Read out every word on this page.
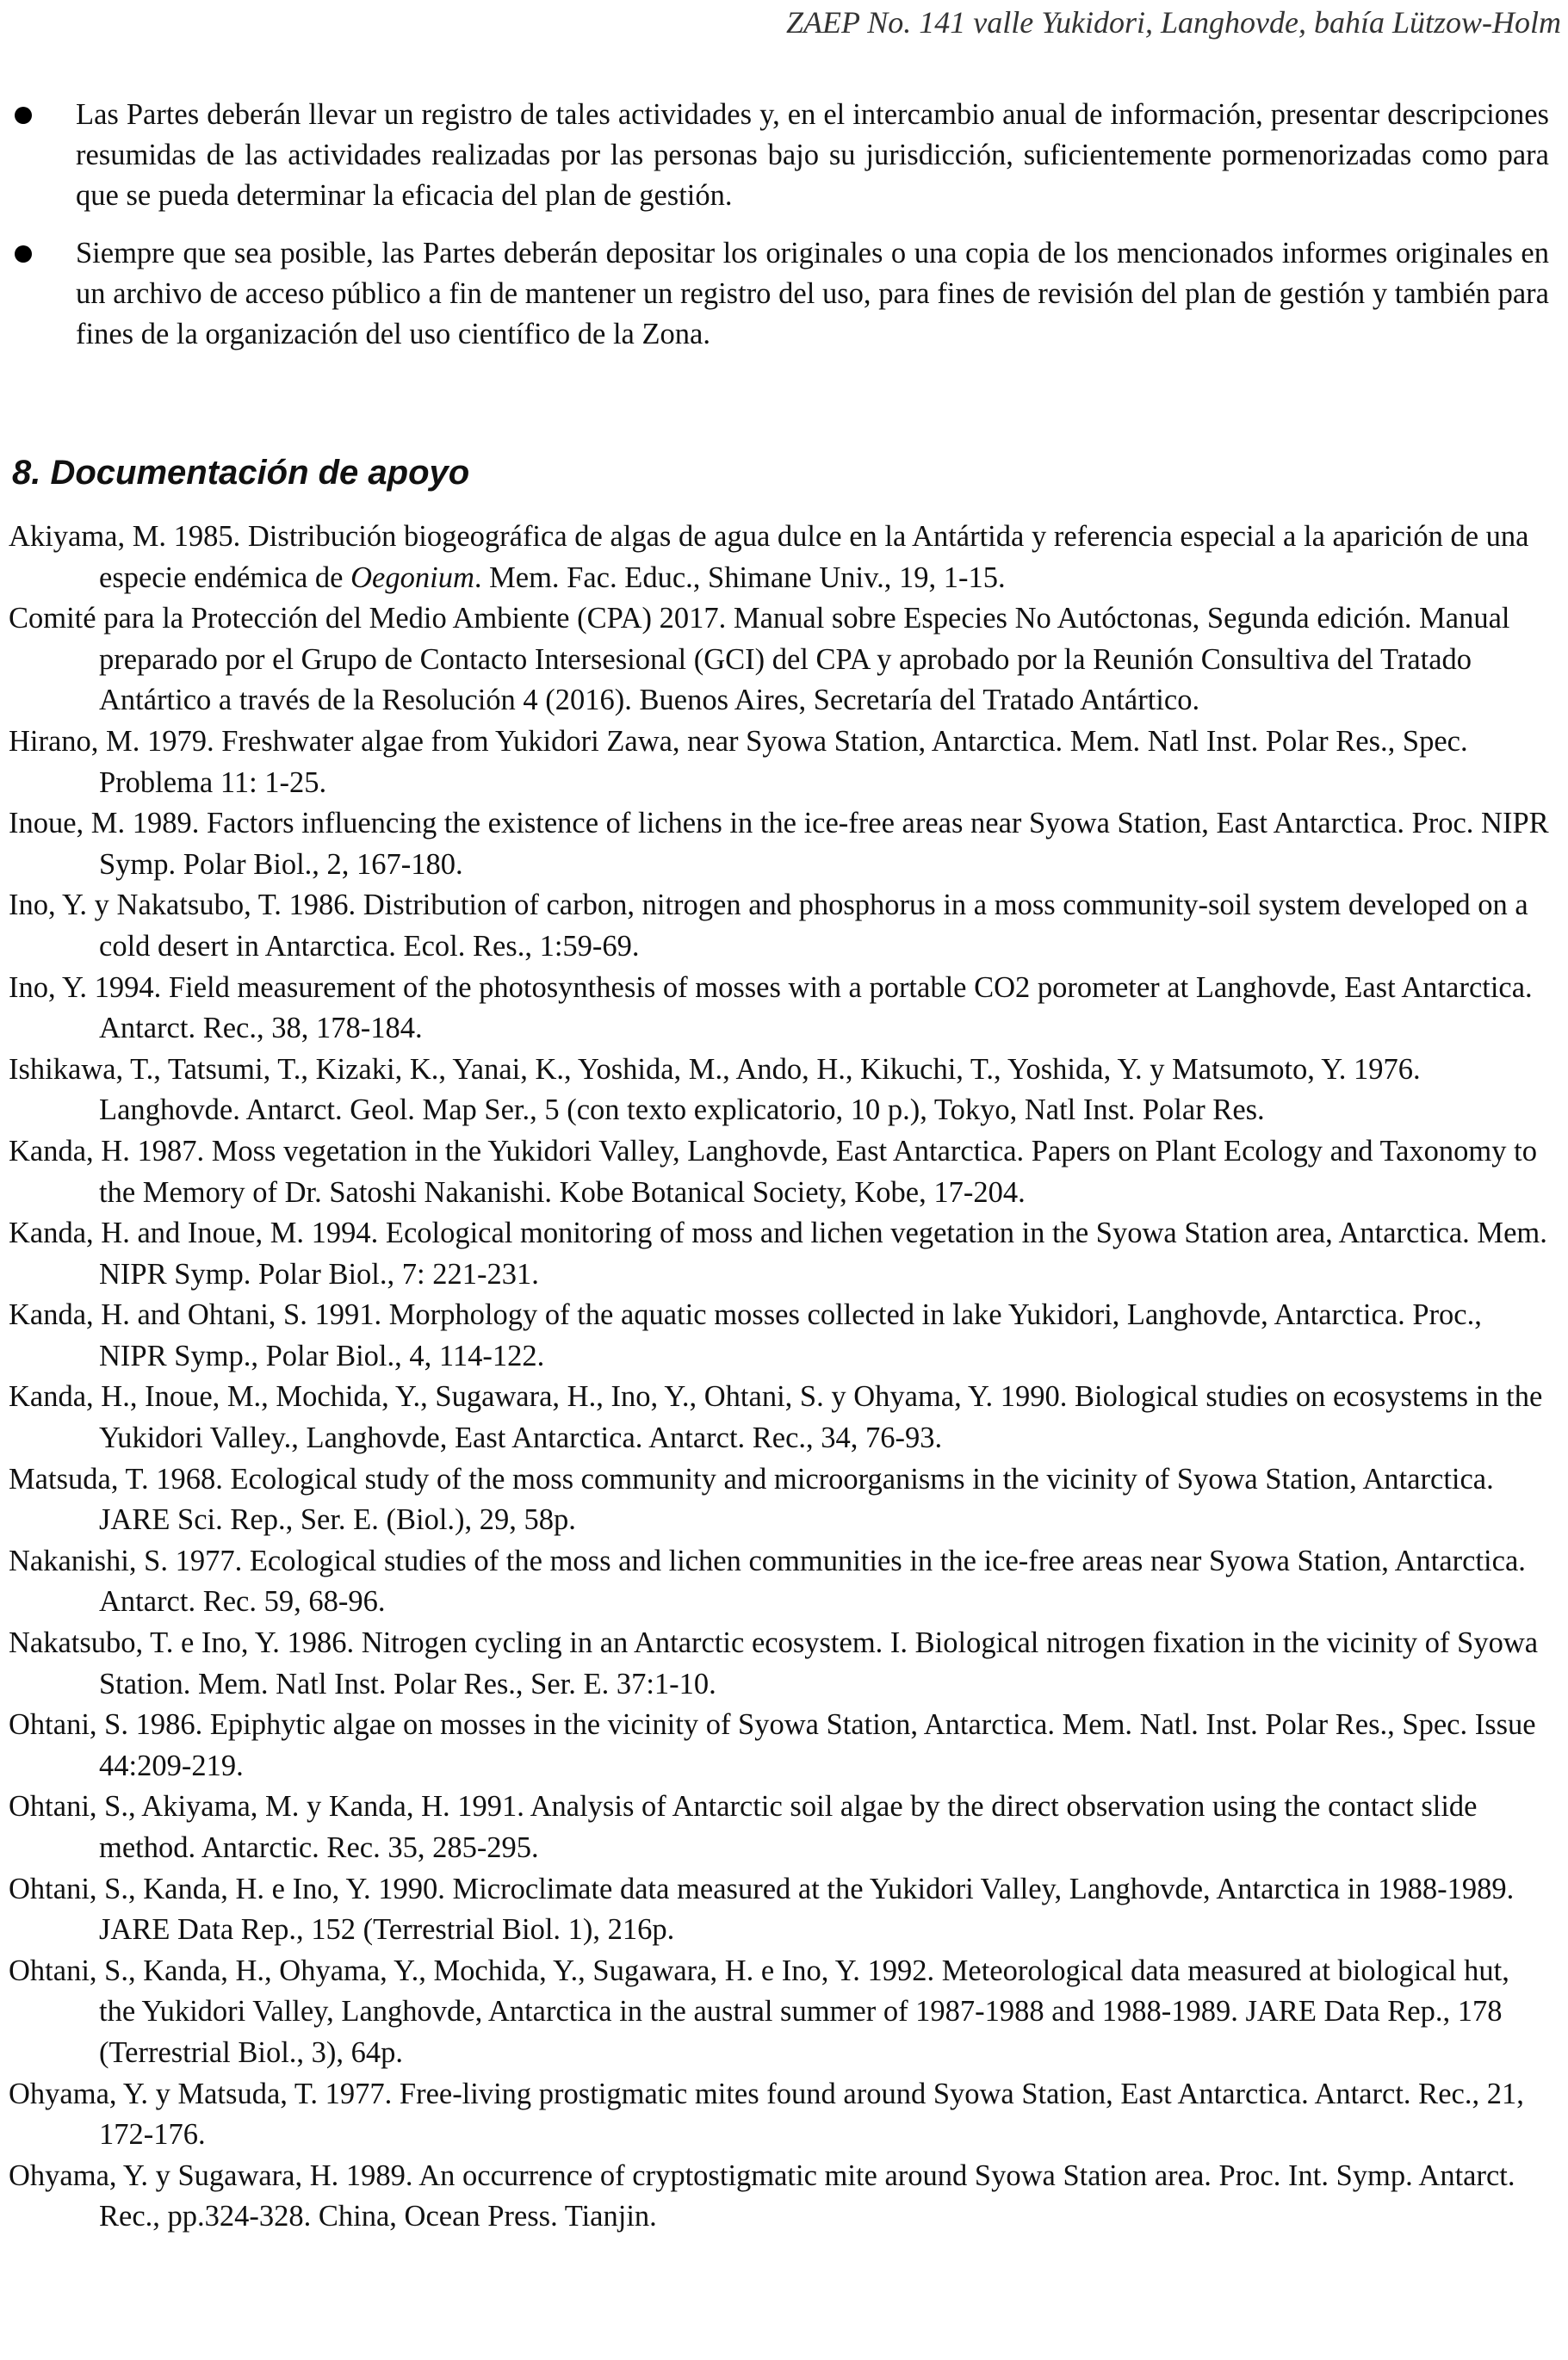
ZAEP No. 141 valle Yukidori, Langhovde, bahía Lützow-Holm
Las Partes deberán llevar un registro de tales actividades y, en el intercambio anual de información, presentar descripciones resumidas de las actividades realizadas por las personas bajo su jurisdicción, suficientemente pormenorizadas como para que se pueda determinar la eficacia del plan de gestión.
Siempre que sea posible, las Partes deberán depositar los originales o una copia de los mencionados informes originales en un archivo de acceso público a fin de mantener un registro del uso, para fines de revisión del plan de gestión y también para fines de la organización del uso científico de la Zona.
8. Documentación de apoyo

Akiyama, M. 1985. Distribución biogeográfica de algas de agua dulce en la Antártida y referencia especial a la aparición de una especie endémica de Oegonium. Mem. Fac. Educ., Shimane Univ., 19, 1-15.

Comité para la Protección del Medio Ambiente (CPA) 2017. Manual sobre Especies No Autóctonas, Segunda edición. Manual preparado por el Grupo de Contacto Intersesional (GCI) del CPA y aprobado por la Reunión Consultiva del Tratado Antártico a través de la Resolución 4 (2016). Buenos Aires, Secretaría del Tratado Antártico.

Hirano, M. 1979. Freshwater algae from Yukidori Zawa, near Syowa Station, Antarctica. Mem. Natl Inst. Polar Res., Spec. Problema 11: 1-25.

Inoue, M. 1989. Factors influencing the existence of lichens in the ice-free areas near Syowa Station, East Antarctica. Proc. NIPR Symp. Polar Biol., 2, 167-180.

Ino, Y. y Nakatsubo, T. 1986. Distribution of carbon, nitrogen and phosphorus in a moss community-soil system developed on a cold desert in Antarctica. Ecol. Res., 1:59-69.

Ino, Y. 1994. Field measurement of the photosynthesis of mosses with a portable CO2 porometer at Langhovde, East Antarctica. Antarct. Rec., 38, 178-184.

Ishikawa, T., Tatsumi, T., Kizaki, K., Yanai, K., Yoshida, M., Ando, H., Kikuchi, T., Yoshida, Y. y Matsumoto, Y. 1976. Langhovde. Antarct. Geol. Map Ser., 5 (con texto explicatorio, 10 p.), Tokyo, Natl Inst. Polar Res.

Kanda, H. 1987. Moss vegetation in the Yukidori Valley, Langhovde, East Antarctica. Papers on Plant Ecology and Taxonomy to the Memory of Dr. Satoshi Nakanishi. Kobe Botanical Society, Kobe, 17-204.

Kanda, H. and Inoue, M. 1994. Ecological monitoring of moss and lichen vegetation in the Syowa Station area, Antarctica. Mem. NIPR Symp. Polar Biol., 7: 221-231.

Kanda, H. and Ohtani, S. 1991. Morphology of the aquatic mosses collected in lake Yukidori, Langhovde, Antarctica. Proc., NIPR Symp., Polar Biol., 4, 114-122.

Kanda, H., Inoue, M., Mochida, Y., Sugawara, H., Ino, Y., Ohtani, S. y Ohyama, Y. 1990. Biological studies on ecosystems in the Yukidori Valley., Langhovde, East Antarctica. Antarct. Rec., 34, 76-93.

Matsuda, T. 1968. Ecological study of the moss community and microorganisms in the vicinity of Syowa Station, Antarctica. JARE Sci. Rep., Ser. E. (Biol.), 29, 58p.

Nakanishi, S. 1977. Ecological studies of the moss and lichen communities in the ice-free areas near Syowa Station, Antarctica. Antarct. Rec. 59, 68-96.

Nakatsubo, T. e Ino, Y. 1986. Nitrogen cycling in an Antarctic ecosystem. I. Biological nitrogen fixation in the vicinity of Syowa Station. Mem. Natl Inst. Polar Res., Ser. E. 37:1-10.

Ohtani, S. 1986. Epiphytic algae on mosses in the vicinity of Syowa Station, Antarctica. Mem. Natl. Inst. Polar Res., Spec. Issue 44:209-219.

Ohtani, S., Akiyama, M. y Kanda, H. 1991. Analysis of Antarctic soil algae by the direct observation using the contact slide method. Antarctic. Rec. 35, 285-295.

Ohtani, S., Kanda, H. e Ino, Y. 1990. Microclimate data measured at the Yukidori Valley, Langhovde, Antarctica in 1988-1989. JARE Data Rep., 152 (Terrestrial Biol. 1), 216p.

Ohtani, S., Kanda, H., Ohyama, Y., Mochida, Y., Sugawara, H. e Ino, Y. 1992. Meteorological data measured at biological hut, the Yukidori Valley, Langhovde, Antarctica in the austral summer of 1987-1988 and 1988-1989. JARE Data Rep., 178 (Terrestrial Biol., 3), 64p.

Ohyama, Y. y Matsuda, T. 1977. Free-living prostigmatic mites found around Syowa Station, East Antarctica. Antarct. Rec., 21, 172-176.

Ohyama, Y. y Sugawara, H. 1989. An occurrence of cryptostigmatic mite around Syowa Station area. Proc. Int. Symp. Antarct. Rec., pp.324-328. China, Ocean Press. Tianjin.
